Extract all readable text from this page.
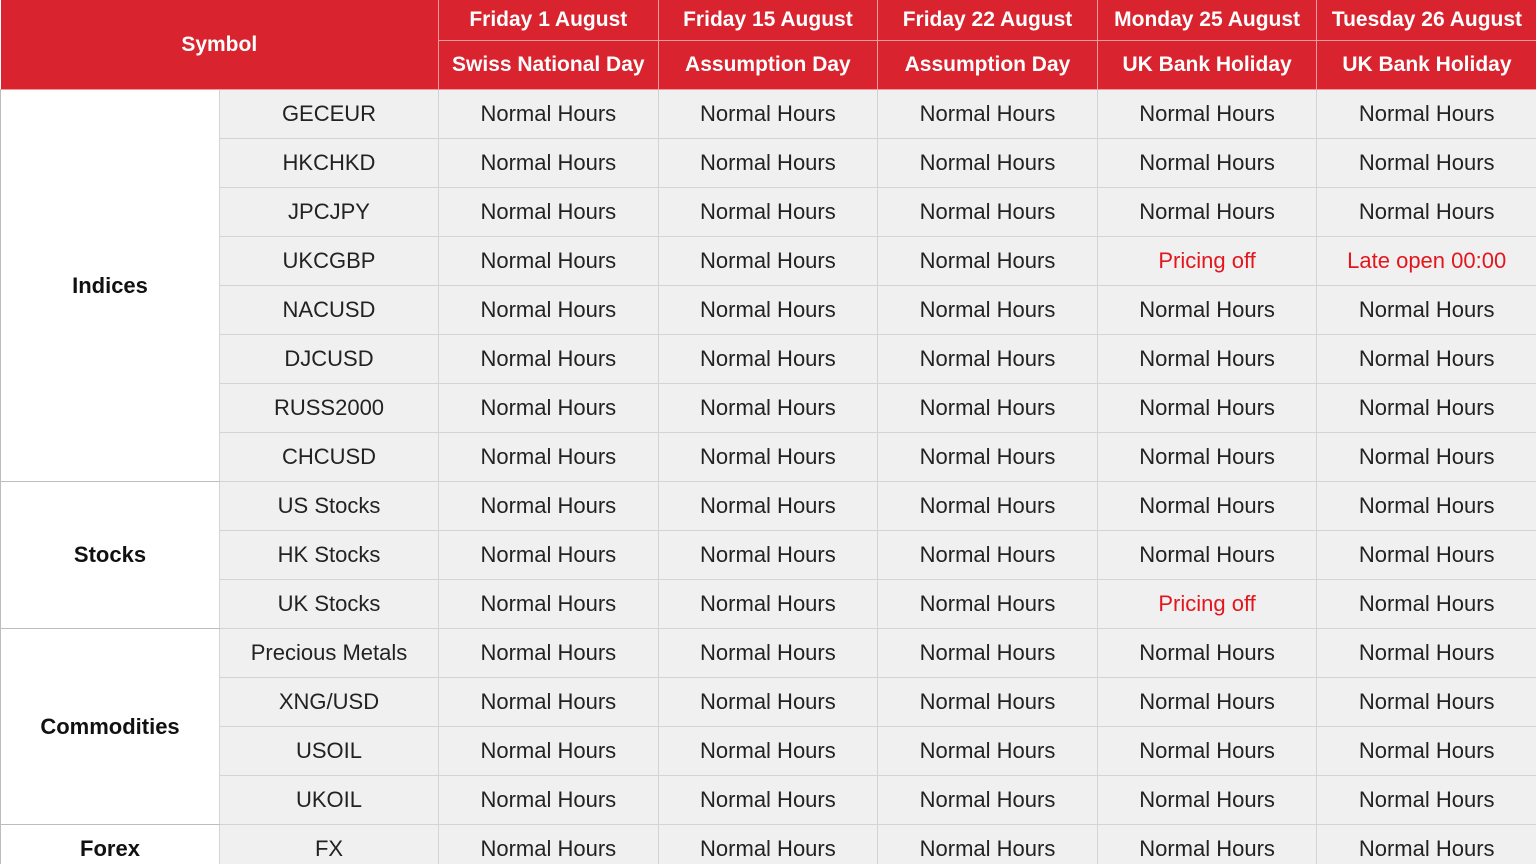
Symbol		Friday 1 August	Friday 15 August	Friday 22 August	Monday 25 August	Tuesday 26 August
		Swiss National Day	Assumption Day	Assumption Day	UK Bank Holiday	UK Bank Holiday
Indices	GECEUR	Normal Hours	Normal Hours	Normal Hours	Normal Hours	Normal Hours
	HKCHKD	Normal Hours	Normal Hours	Normal Hours	Normal Hours	Normal Hours
	JPCJPY	Normal Hours	Normal Hours	Normal Hours	Normal Hours	Normal Hours
	UKCGBP	Normal Hours	Normal Hours	Normal Hours	Pricing off	Late open 00:00
	NACUSD	Normal Hours	Normal Hours	Normal Hours	Normal Hours	Normal Hours
	DJCUSD	Normal Hours	Normal Hours	Normal Hours	Normal Hours	Normal Hours
	RUSS2000	Normal Hours	Normal Hours	Normal Hours	Normal Hours	Normal Hours
	CHCUSD	Normal Hours	Normal Hours	Normal Hours	Normal Hours	Normal Hours
Stocks	US Stocks	Normal Hours	Normal Hours	Normal Hours	Normal Hours	Normal Hours
	HK Stocks	Normal Hours	Normal Hours	Normal Hours	Normal Hours	Normal Hours
	UK Stocks	Normal Hours	Normal Hours	Normal Hours	Pricing off	Normal Hours
Commodities	Precious Metals	Normal Hours	Normal Hours	Normal Hours	Normal Hours	Normal Hours
	XNG/USD	Normal Hours	Normal Hours	Normal Hours	Normal Hours	Normal Hours
	USOIL	Normal Hours	Normal Hours	Normal Hours	Normal Hours	Normal Hours
	UKOIL	Normal Hours	Normal Hours	Normal Hours	Normal Hours	Normal Hours
Forex	FX	Normal Hours	Normal Hours	Normal Hours	Normal Hours	Normal Hours
